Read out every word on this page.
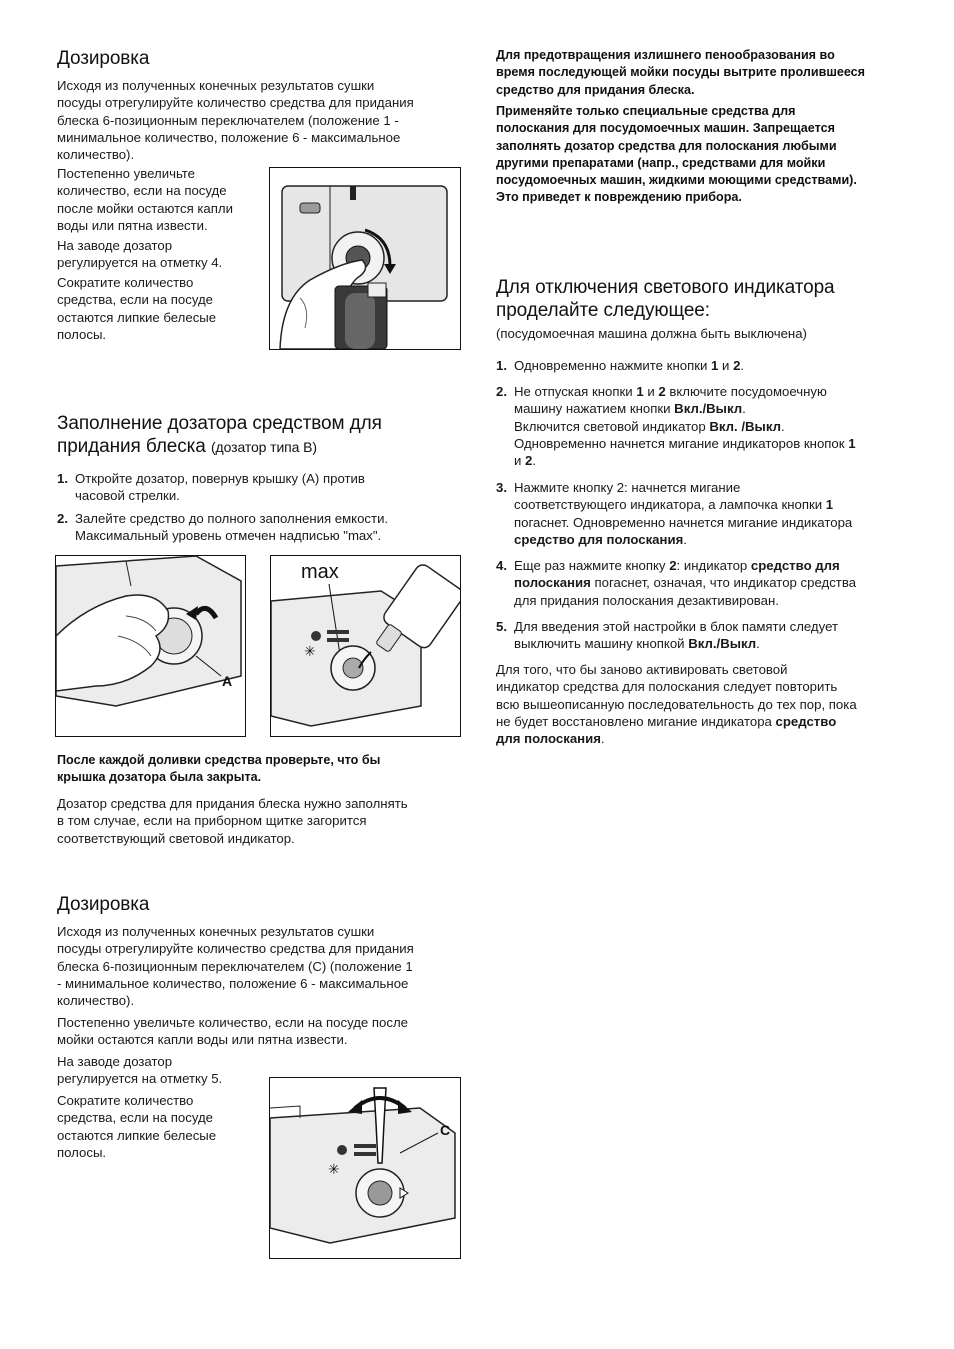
Дозировка
Исходя из полученных конечных результатов сушки
посуды отрегулируйте количество средства для придания
блеска 6-позиционным переключателем (положение 1 -
минимальное количество, положение 6 - максимальное
количество).
Постепенно увеличьте
количество, если на посуде
после мойки остаются капли
воды или пятна извести.
На заводе дозатор
регулируется на отметку 4.
Сократите количество
средства, если на посуде
остаются липкие белесые
полосы.
Заполнение дозатора средством для
придания блеска (дозатор типа B)
1. Откройте дозатор, повернув крышку (A) против
часовой стрелки.
2. Залейте средство до полного заполнения емкости.
Максимальный уровень отмечен надписью "max".
A
max
✳
После каждой доливки средства проверьте, что бы
крышка дозатора была закрыта.
Дозатор средства для придания блеска нужно заполнять
в том случае, если на приборном щитке загорится
соответствующий световой индикатор.
Дозировка
Исходя из полученных конечных результатов сушки
посуды отрегулируйте количество средства для придания
блеска 6-позиционным переключателем (C) (положение 1
- минимальное количество, положение 6 - максимальное
количество).
Постепенно увеличьте количество, если на посуде после
мойки остаются капли воды или пятна извести.
На заводе дозатор
регулируется на отметку 5.
Сократите количество
средства, если на посуде
остаются липкие белесые
полосы.
✳
C
Для предотвращения излишнего пенообразования во
время последующей мойки посуды вытрите пролившееся
средство для придания блеска.
Применяйте только специальные средства для
полоскания для посудомоечных машин. Запрещается
заполнять дозатор средства для полоскания любыми
другими препаратами (напр., средствами для мойки
посудомоечных машин, жидкими моющими средствами).
Это приведет к повреждению прибора.
Для отключения светового индикатора
проделайте следующее:
(посудомоечная машина должна быть выключена)
1. Одновременно нажмите кнопки 1 и 2.
2. Не отпуская кнопки 1 и 2 включите посудомоечную
машину нажатием кнопки Вкл./Выкл.
Включится световой индикатор Вкл. /Выкл.
Одновременно начнется мигание индикаторов кнопок 1
и 2.
3. Нажмите кнопку 2: начнется мигание
соответствующего индикатора, а лампочка кнопки 1
погаснет. Одновременно начнется мигание индикатора
средство для полоскания.
4. Еще раз нажмите кнопку 2: индикатор средство для
полоскания погаснет, означая, что индикатор средства
для придания полоскания дезактивирован.
5. Для введения этой настройки в блок памяти следует
выключить машину кнопкой Вкл./Выкл.
Для того, что бы заново активировать световой
индикатор средства для полоскания следует повторить
всю вышеописанную последовательность до тех пор, пока
не будет восстановлено мигание индикатора средство
для полоскания.
